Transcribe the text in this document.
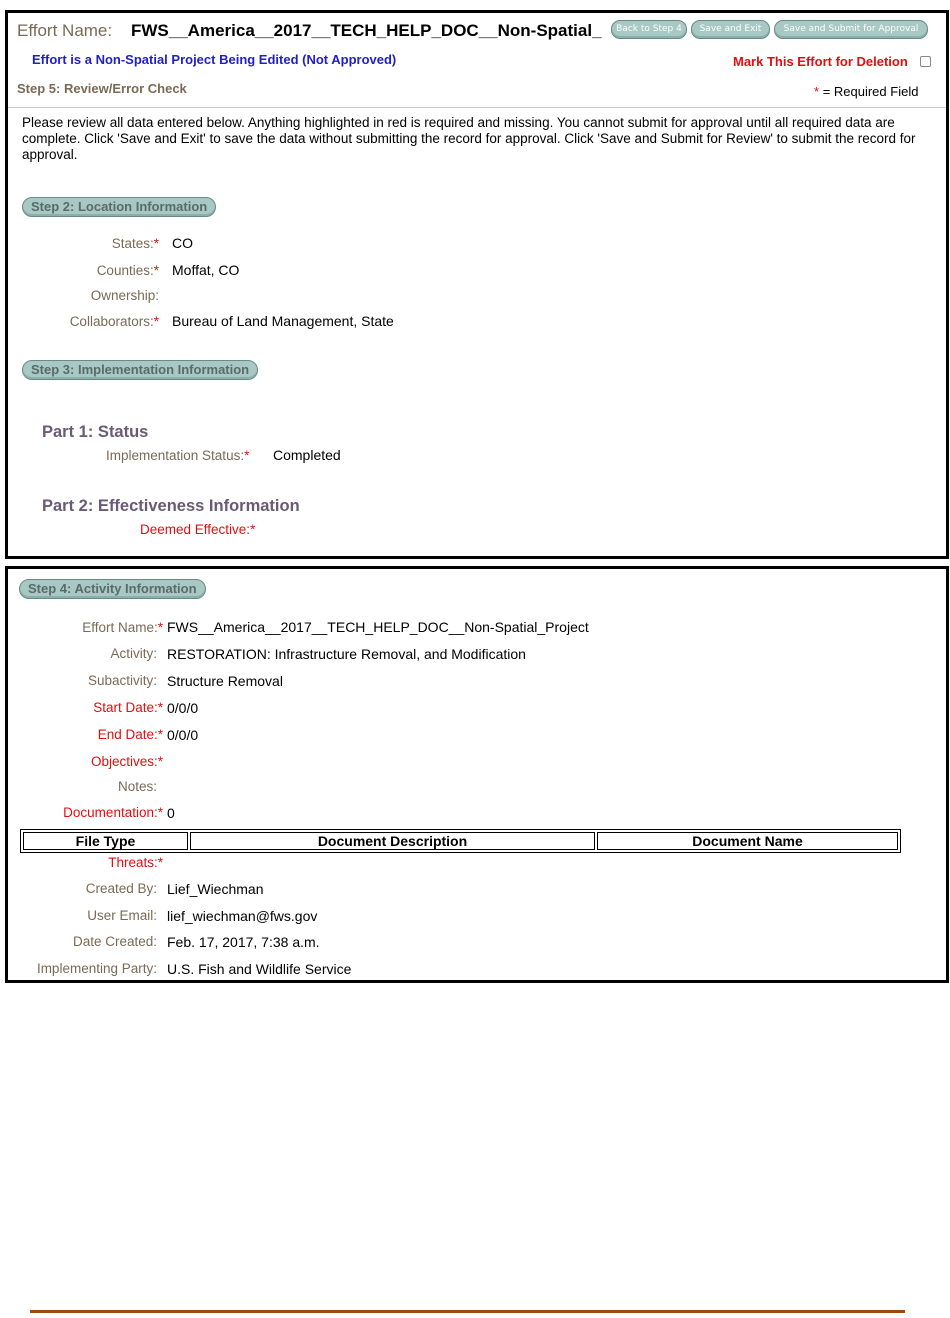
Effort Name: FWS__America__2017__TECH_HELP_DOC__Non-Spatial_	Back to Step 4	Save and Exit	Save and Submit for Approval
Effort is a Non-Spatial Project Being Edited (Not Approved)	Mark This Effort for Deletion
Step 5: Review/Error Check	* = Required Field
Please review all data entered below. Anything highlighted in red is required and missing. You cannot submit for approval until all required data are complete. Click 'Save and Exit' to save the data without submitting the record for approval. Click 'Save and Submit for Review' to submit the record for approval.
Step 2: Location Information
States:* CO
Counties:* Moffat, CO
Ownership:
Collaborators:* Bureau of Land Management, State
Step 3: Implementation Information
Part 1: Status
Implementation Status:* Completed
Part 2: Effectiveness Information
Deemed Effective:*
Step 4: Activity Information
Effort Name:* FWS__America__2017__TECH_HELP_DOC__Non-Spatial_Project
Activity: RESTORATION: Infrastructure Removal, and Modification
Subactivity: Structure Removal
Start Date:* 0/0/0
End Date:* 0/0/0
Objectives:*
Notes:
Documentation:* 0
File Type	Document Description	Document Name
Threats:*
Created By: Lief_Wiechman
User Email: lief_wiechman@fws.gov
Date Created: Feb. 17, 2017, 7:38 a.m.
Implementing Party: U.S. Fish and Wildlife Service
